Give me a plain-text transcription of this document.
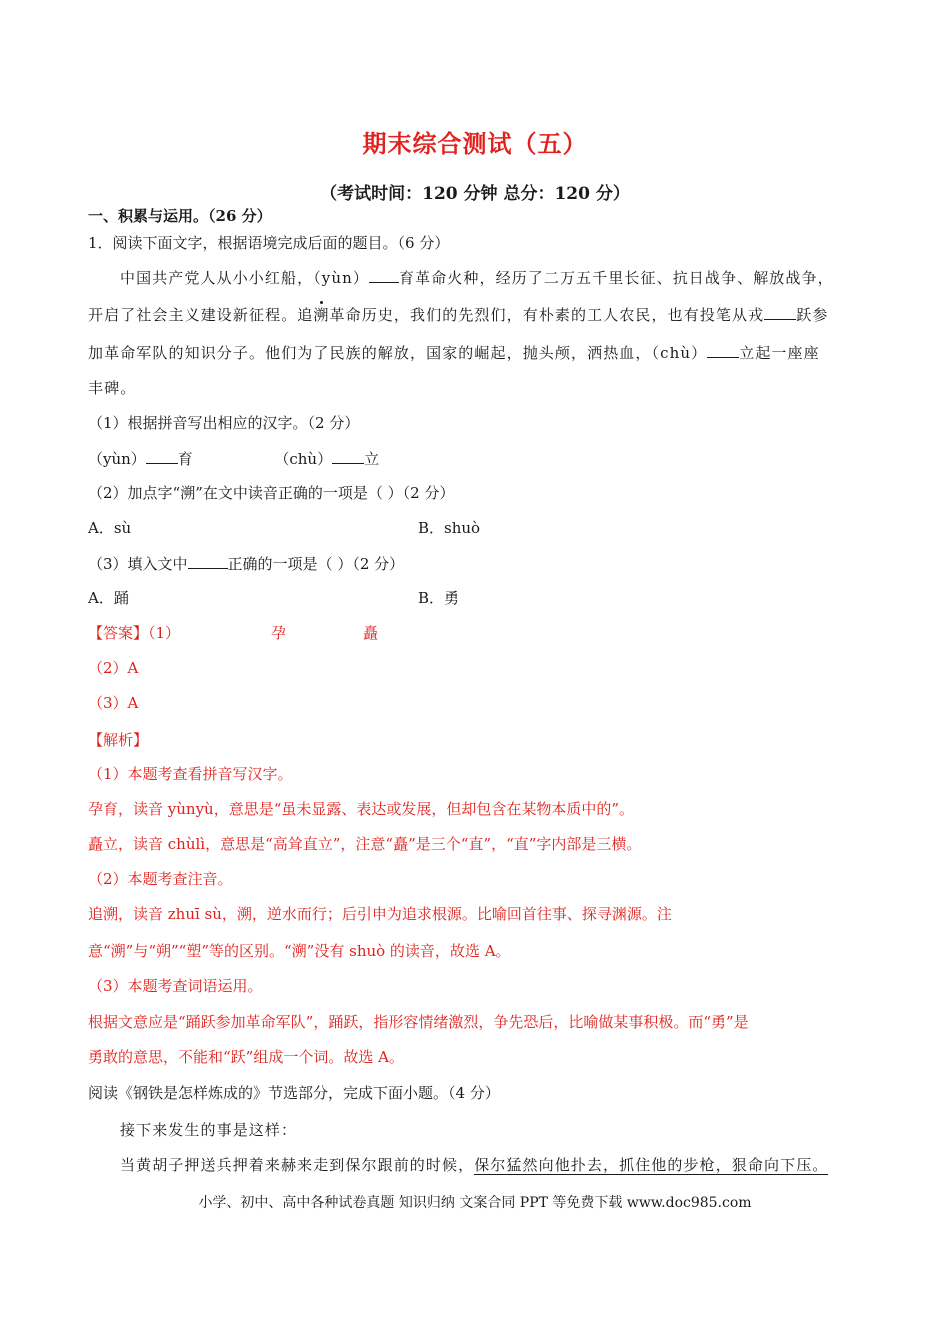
期末综合测试（五）
（考试时间：120 分钟 总分：120 分）
一、积累与运用。（26 分）
1．阅读下面文字，根据语境完成后面的题目。（6 分）
中国共产党人从小小红船，（yùn） 育革命火种，经历了二万五千里长征、抗日战争、解放战争，
开启了社会主义建设新征程。追溯革命历史，我们的先烈们，有朴素的工人农民，也有投笔从戎 跃参
加革命军队的知识分子。他们为了民族的解放，国家的崛起，抛头颅，洒热血，（chù） 立起一座座
丰碑。
（1）根据拼音写出相应的汉字。（2 分）
（yùn） 育	（chù） 立
（2）加点字“溯”在文中读音正确的一项是（ ）（2 分）
A．sù	B．shuò
（3）填入文中	正确的一项是（ ）（2 分）
A．踊	B．勇
【答案】（1）	孕	矗
（2）A
（3）A
【解析】
（1）本题考查看拼音写汉字。
孕育，读音 yùnyù，意思是“虽未显露、表达或发展，但却包含在某物本质中的”。
矗立，读音 chùlì，意思是“高耸直立”，注意“矗”是三个“直”，“直”字内部是三横。
（2）本题考查注音。
追溯，读音 zhuī sù，溯，逆水而行；后引申为追求根源。比喻回首往事、探寻渊源。注
意“溯”与“朔”“塑”等的区别。“溯”没有 shuò 的读音，故选 A。
（3）本题考查词语运用。
根据文意应是“踊跃参加革命军队”，踊跃，指形容情绪激烈，争先恐后，比喻做某事积极。而“勇”是
勇敢的意思，不能和“跃”组成一个词。故选 A。
阅读《钢铁是怎样炼成的》节选部分，完成下面小题。（4 分）
接下来发生的事是这样：
当黄胡子押送兵押着来赫来走到保尔跟前的时候，保尔猛然向他扑去，抓住他的步枪，狠命向下压。
小学、初中、高中各种试卷真题 知识归纳 文案合同 PPT 等免费下载 www.doc985.com
